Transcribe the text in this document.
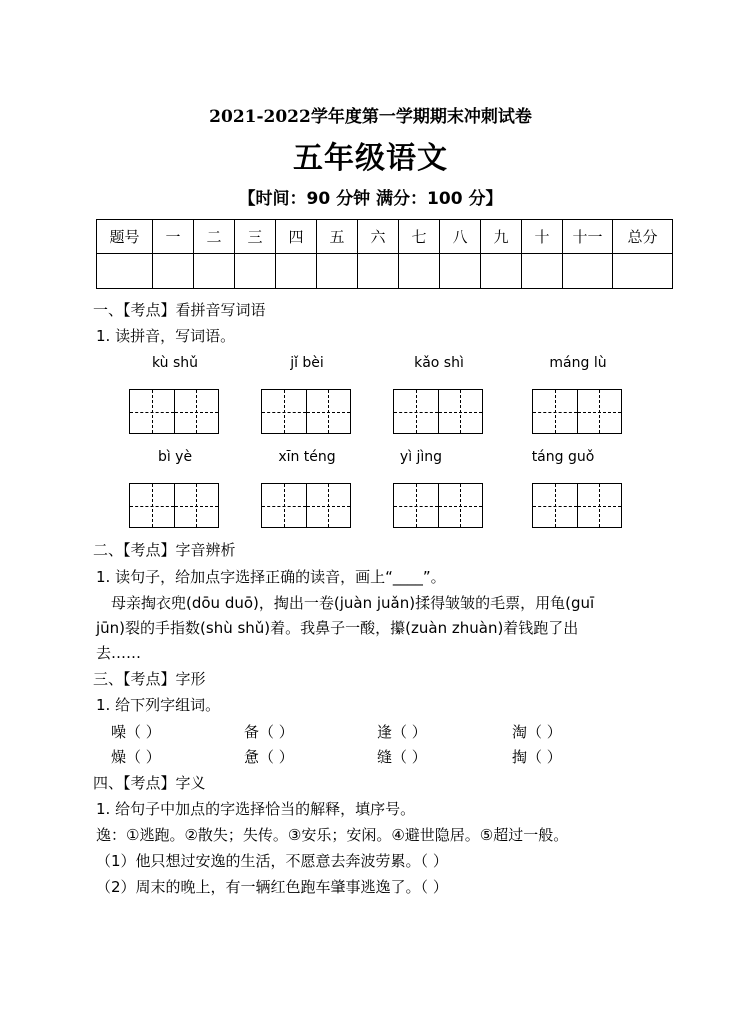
2021-2022学年度第一学期期末冲刺试卷
五年级语文
【时间：90 分钟 满分：100 分】
题号	一	二	三	四	五	六	七	八	九	十	十一	总分

一、【考点】看拼音写词语
1. 读拼音，写词语。
kù shǔ	jǐ bèi	kǎo shì	máng lù
bì yè	xīn téng	yì jìng	táng guǒ
二、【考点】字音辨析
1. 读句子，给加点字选择正确的读音，画上“____”。
母亲掏衣兜(dōu duō)，掏出一卷(juàn juǎn)揉得皱皱的毛票，用龟(guī
jūn)裂的手指数(shù shǔ)着。我鼻子一酸，攥(zuàn zhuàn)着钱跑了出
去……
三、【考点】字形
1. 给下列字组词。
噪（ ）	备（ ）	逢（ ）	淘（ ）
燥（ ）	惫（ ）	缝（ ）	掏（ ）
四、【考点】字义
1. 给句子中加点的字选择恰当的解释，填序号。
逸：①逃跑。②散失；失传。③安乐；安闲。④避世隐居。⑤超过一般。
（1）他只想过安逸的生活，不愿意去奔波劳累。（ ）
（2）周末的晚上，有一辆红色跑车肇事逃逸了。（ ）
